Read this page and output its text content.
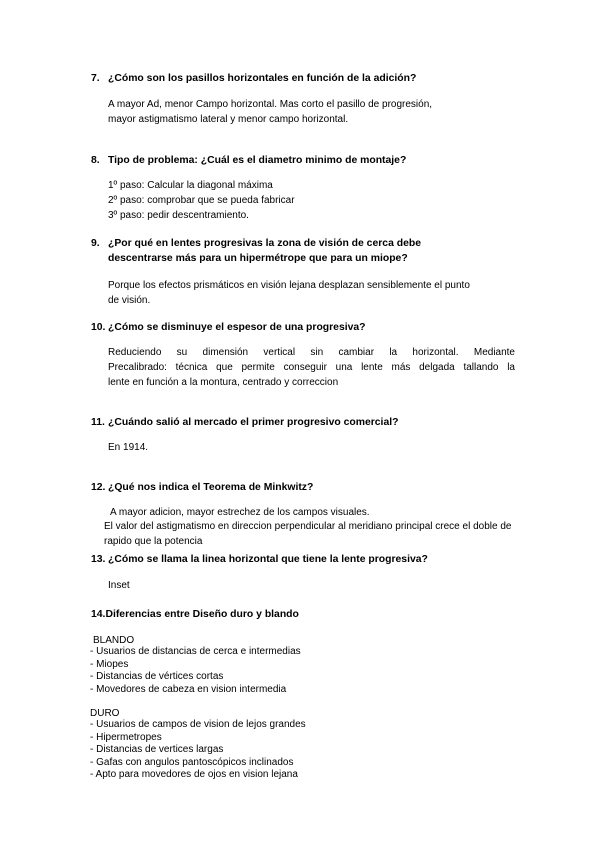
7. ¿Cómo son los pasillos horizontales en función de la adición?
A mayor Ad, menor Campo horizontal. Mas corto el pasillo de progresión,
mayor astigmatismo lateral y menor campo horizontal.
8. Tipo de problema: ¿Cuál es el diametro minimo de montaje?
1º paso: Calcular la diagonal máxima
2º paso: comprobar que se pueda fabricar
3º paso: pedir descentramiento.
9. ¿Por qué en lentes progresivas la zona de visión de cerca debe
descentrarse más para un hipermétrope que para un miope?
Porque los efectos prismáticos en visión lejana desplazan sensiblemente el punto
de visión.
10. ¿Cómo se disminuye el espesor de una progresiva?
Reduciendo su dimensión vertical sin cambiar la horizontal. Mediante
Precalibrado: técnica que permite conseguir una lente más delgada tallando la
lente en función a la montura, centrado y correccion
11. ¿Cuándo salió al mercado el primer progresivo comercial?
En 1914.
12. ¿Qué nos indica el Teorema de Minkwitz?
A mayor adicion, mayor estrechez de los campos visuales.
El valor del astigmatismo en direccion perpendicular al meridiano principal crece el doble de
rapido que la potencia
13. ¿Cómo se llama la linea horizontal que tiene la lente progresiva?
Inset
14.Diferencias entre Diseño duro y blando
BLANDO
- Usuarios de distancias de cerca e intermedias
- Miopes
- Distancias de vértices cortas
- Movedores de cabeza en vision intermedia
DURO
- Usuarios de campos de vision de lejos grandes
- Hipermetropes
- Distancias de vertices largas
- Gafas con angulos pantoscópicos inclinados
- Apto para movedores de ojos en vision lejana
